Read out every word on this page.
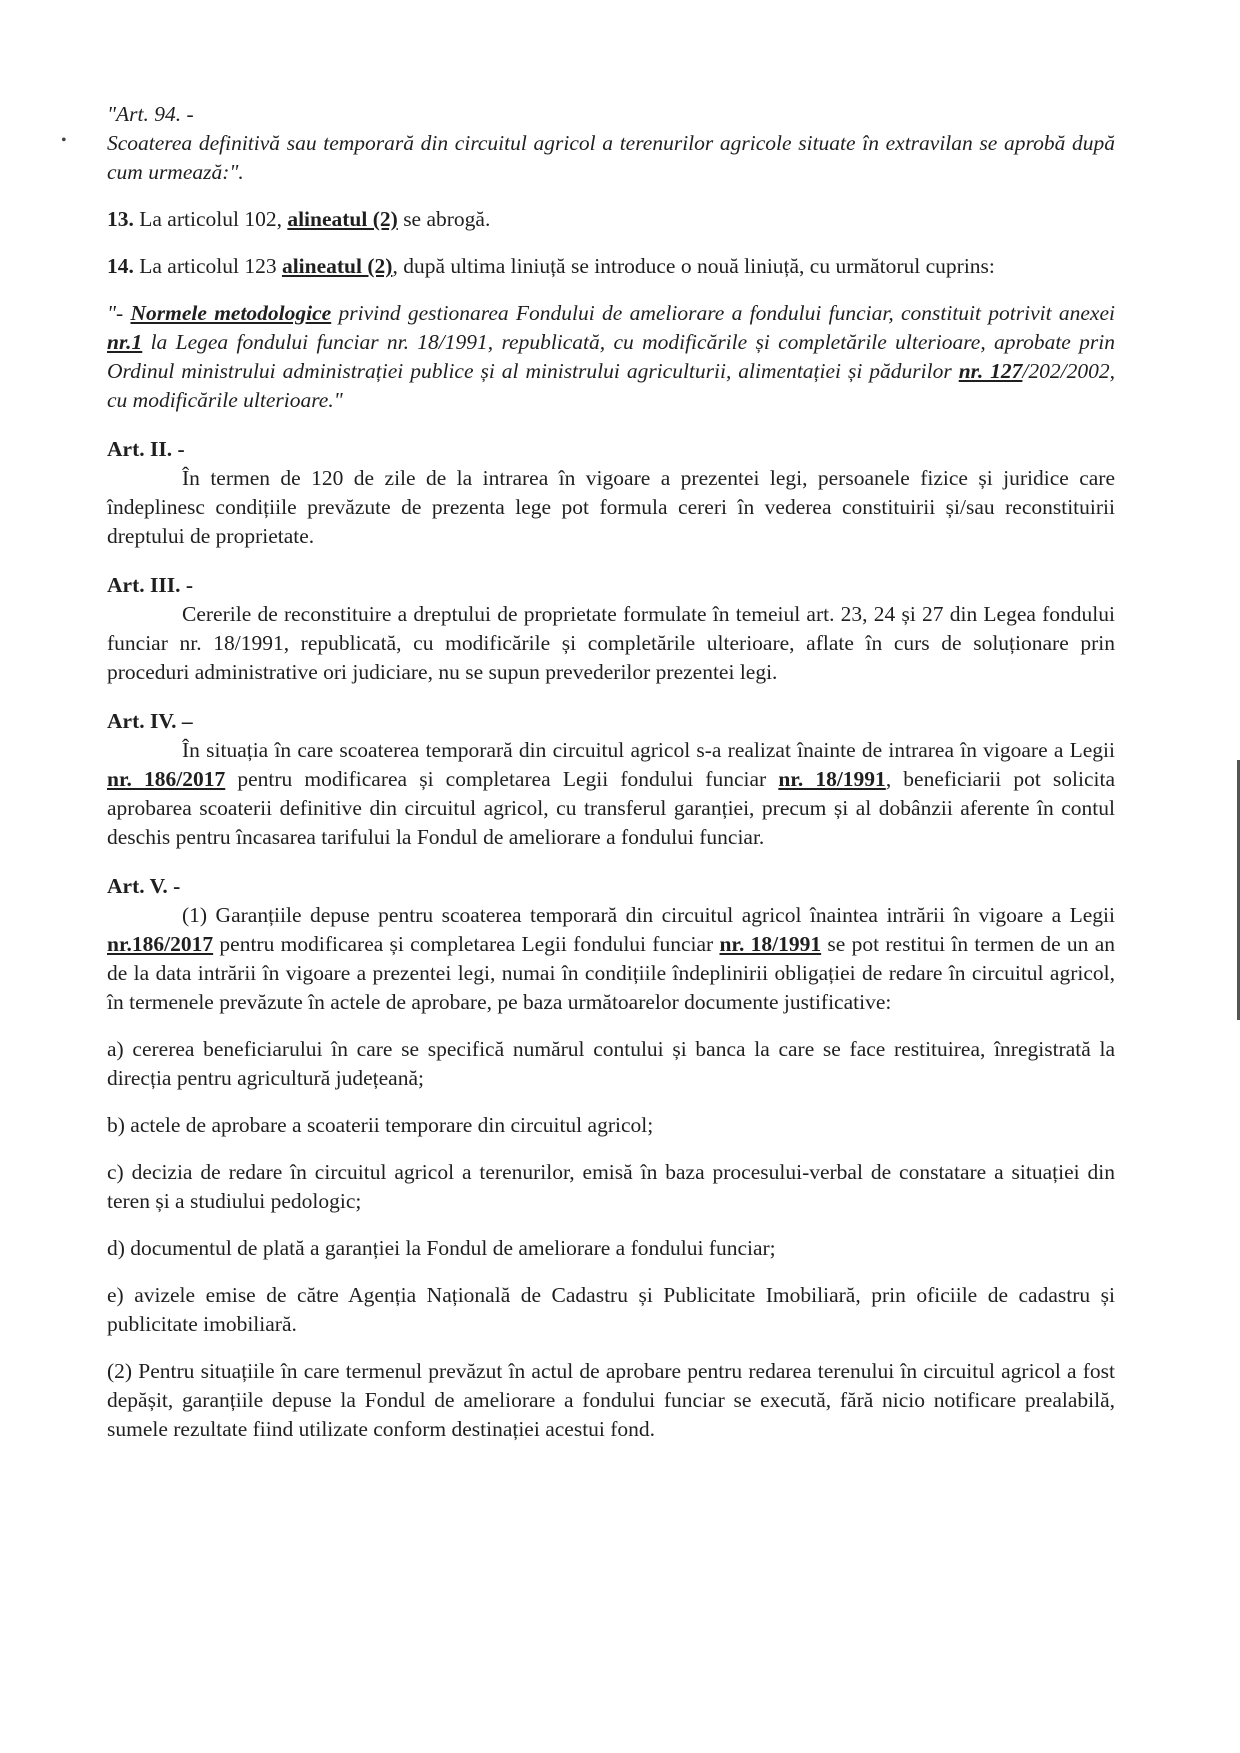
•

"Art. 94. -

Scoaterea definitivă sau temporară din circuitul agricol a terenurilor agricole situate în extravilan se aprobă după cum urmează:".

13. La articolul 102, alineatul (2) se abrogă.

14. La articolul 123 alineatul (2), după ultima liniuță se introduce o nouă liniuță, cu următorul cuprins:

"- Normele metodologice privind gestionarea Fondului de ameliorare a fondului funciar, constituit potrivit anexei nr.1 la Legea fondului funciar nr. 18/1991, republicată, cu modificările și completările ulterioare, aprobate prin Ordinul ministrului administrației publice și al ministrului agriculturii, alimentației și pădurilor nr. 127/202/2002, cu modificările ulterioare."

Art. II. -

În termen de 120 de zile de la intrarea în vigoare a prezentei legi, persoanele fizice și juridice care îndeplinesc condițiile prevăzute de prezenta lege pot formula cereri în vederea constituirii și/sau reconstituirii dreptului de proprietate.

Art. III. -

Cererile de reconstituire a dreptului de proprietate formulate în temeiul art. 23, 24 și 27 din Legea fondului funciar nr. 18/1991, republicată, cu modificările și completările ulterioare, aflate în curs de soluționare prin proceduri administrative ori judiciare, nu se supun prevederilor prezentei legi.

Art. IV. –

În situația în care scoaterea temporară din circuitul agricol s-a realizat înainte de intrarea în vigoare a Legii nr. 186/2017 pentru modificarea și completarea Legii fondului funciar nr. 18/1991, beneficiarii pot solicita aprobarea scoaterii definitive din circuitul agricol, cu transferul garanției, precum și al dobânzii aferente în contul deschis pentru încasarea tarifului la Fondul de ameliorare a fondului funciar.

Art. V. -

(1) Garanțiile depuse pentru scoaterea temporară din circuitul agricol înaintea intrării în vigoare a Legii nr.186/2017 pentru modificarea și completarea Legii fondului funciar nr. 18/1991 se pot restitui în termen de un an de la data intrării în vigoare a prezentei legi, numai în condițiile îndeplinirii obligației de redare în circuitul agricol, în termenele prevăzute în actele de aprobare, pe baza următoarelor documente justificative:

a) cererea beneficiarului în care se specifică numărul contului și banca la care se face restituirea, înregistrată la direcția pentru agricultură județeană;

b) actele de aprobare a scoaterii temporare din circuitul agricol;

c) decizia de redare în circuitul agricol a terenurilor, emisă în baza procesului-verbal de constatare a situației din teren și a studiului pedologic;

d) documentul de plată a garanției la Fondul de ameliorare a fondului funciar;

e) avizele emise de către Agenția Națională de Cadastru și Publicitate Imobiliară, prin oficiile de cadastru și publicitate imobiliară.

(2) Pentru situațiile în care termenul prevăzut în actul de aprobare pentru redarea terenului în circuitul agricol a fost depășit, garanțiile depuse la Fondul de ameliorare a fondului funciar se execută, fără nicio notificare prealabilă, sumele rezultate fiind utilizate conform destinației acestui fond.
